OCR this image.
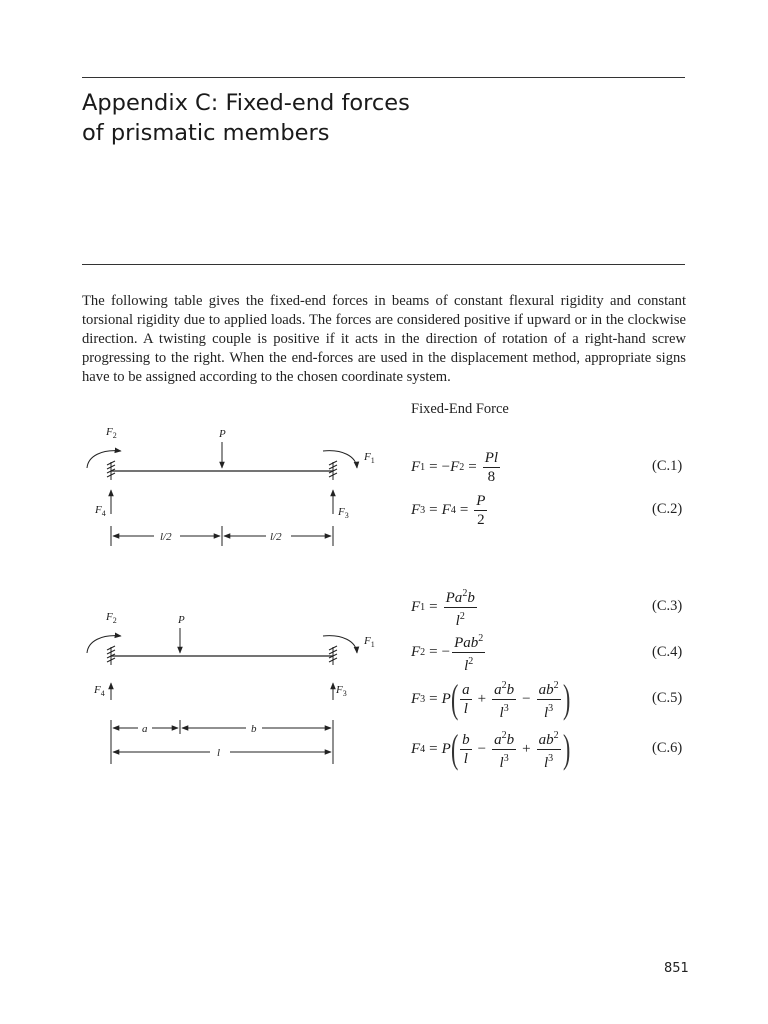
Appendix C: Fixed-end forces
of prismatic members

The following table gives the fixed-end forces in beams of constant flexural rigidity and constant torsional rigidity due to applied loads. The forces are considered positive if upward or in the clockwise direction. A twisting couple is positive if it acts in the direction of rotation of a right-hand screw progressing to the right. When the end-forces are used in the displacement method, appropriate signs have to be assigned according to the chosen coordinate system.

Fixed-End Force
P
$F_2$
$F_1$
$F_4$	$F_3$
l/2	l/2
F 1 = − F $2 = \frac{Pl}{8}$	(C.1)
F 3 = F $4 = \frac{P}{2}$	(C.2)
P
$F_2$
$F_1$
$F_4$	$F_3$
a	b
l
F $1 = \frac{Pa^2b}{l^2}$	(C.3)
F 2 = − $\frac{Pab^2}{l^2}$	(C.4)
F 3 = P ( $\frac{a}{l} + \frac{a^2b}{l^3} - \frac{ab^2}{l^3}$ )	(C.5)
F 4 = P ( $\frac{b}{l} - \frac{a^2b}{l^3} + \frac{ab^2}{l^3}$ )	(C.6)
851
